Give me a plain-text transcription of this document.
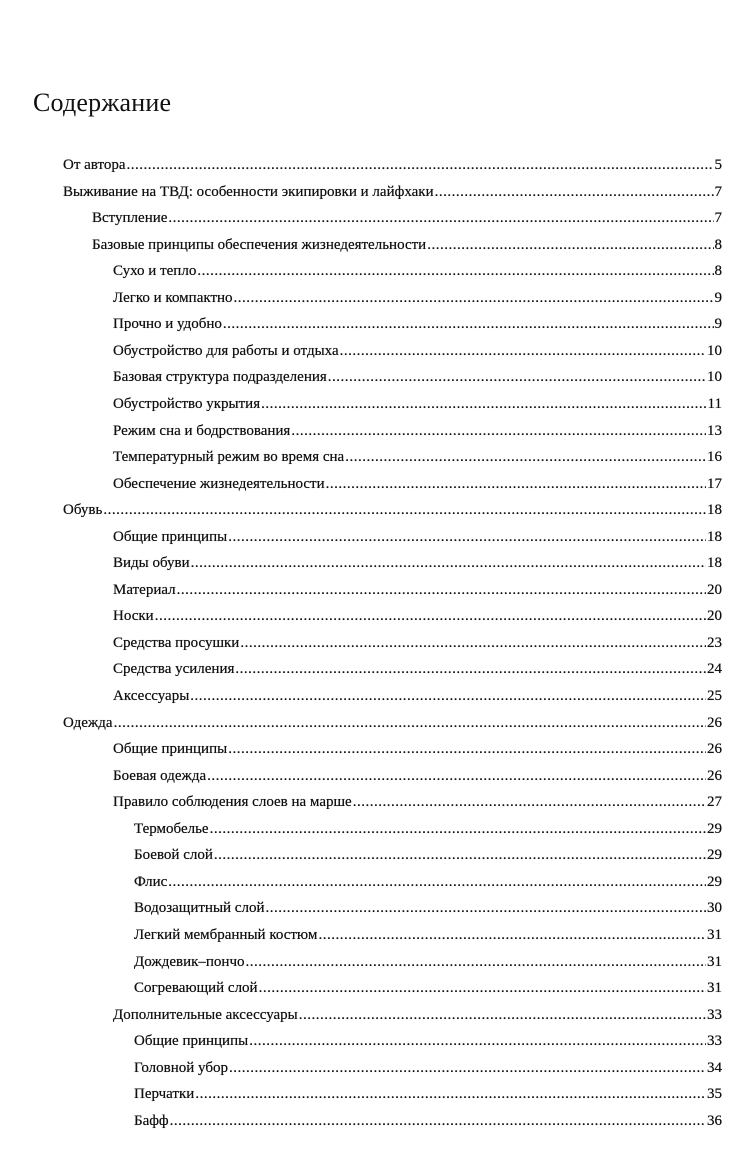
Содержание
От автора .....	5
Выживание на ТВД: особенности экипировки и лайфхаки .....	7
Вступление .....	7
Базовые принципы обеспечения жизнедеятельности .....	8
Сухо и тепло .....	8
Легко и компактно .....	9
Прочно и удобно .....	9
Обустройство для работы и отдыха .....	10
Базовая структура подразделения .....	10
Обустройство укрытия .....	11
Режим сна и бодрствования .....	13
Температурный режим во время сна .....	16
Обеспечение жизнедеятельности .....	17
Обувь .....	18
Общие принципы .....	18
Виды обуви .....	18
Материал .....	20
Носки .....	20
Средства просушки .....	23
Средства усиления .....	24
Аксессуары .....	25
Одежда .....	26
Общие принципы .....	26
Боевая одежда .....	26
Правило соблюдения слоев на марше .....	27
Термобелье .....	29
Боевой слой .....	29
Флис .....	29
Водозащитный слой .....	30
Легкий мембранный костюм .....	31
Дождевик–пончо .....	31
Согревающий слой .....	31
Дополнительные аксессуары .....	33
Общие принципы .....	33
Головной убор .....	34
Перчатки .....	35
Бафф .....	36
